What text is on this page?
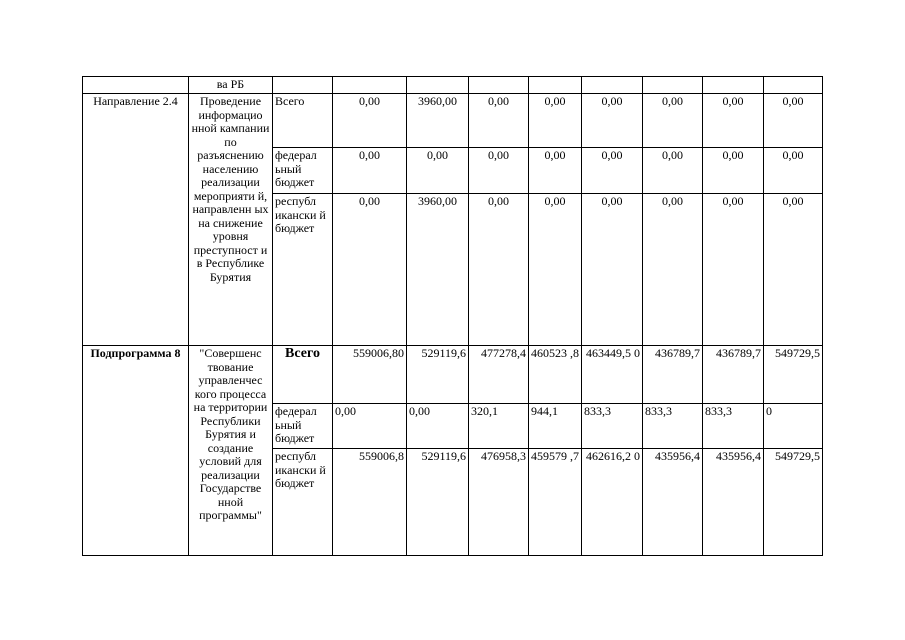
	ва РБ									
Направление 2.4	Проведение информацио нной кампании по разъяснению населению реализации мероприяти й, направленн ых на снижение уровня преступност и в Республике Бурятия	Всего	0,00	3960,00	0,00	0,00	0,00	0,00	0,00	0,00
		федерал ьный бюджет	0,00	0,00	0,00	0,00	0,00	0,00	0,00	0,00
		республ икански й бюджет	0,00	3960,00	0,00	0,00	0,00	0,00	0,00	0,00
Подпрограмма 8	"Совершенс твование управленчес кого процесса на территории Республики Бурятия и создание условий для реализации Государстве нной программы"	Всего	559006,80	529119,6	477278,4	460523 ,8	463449,5 0	436789,7	436789,7	549729,5
		федерал ьный бюджет	0,00	0,00	320,1	944,1	833,3	833,3	833,3	0
		республ икански й бюджет	559006,8	529119,6	476958,3	459579 ,7	462616,2 0	435956,4	435956,4	549729,5
